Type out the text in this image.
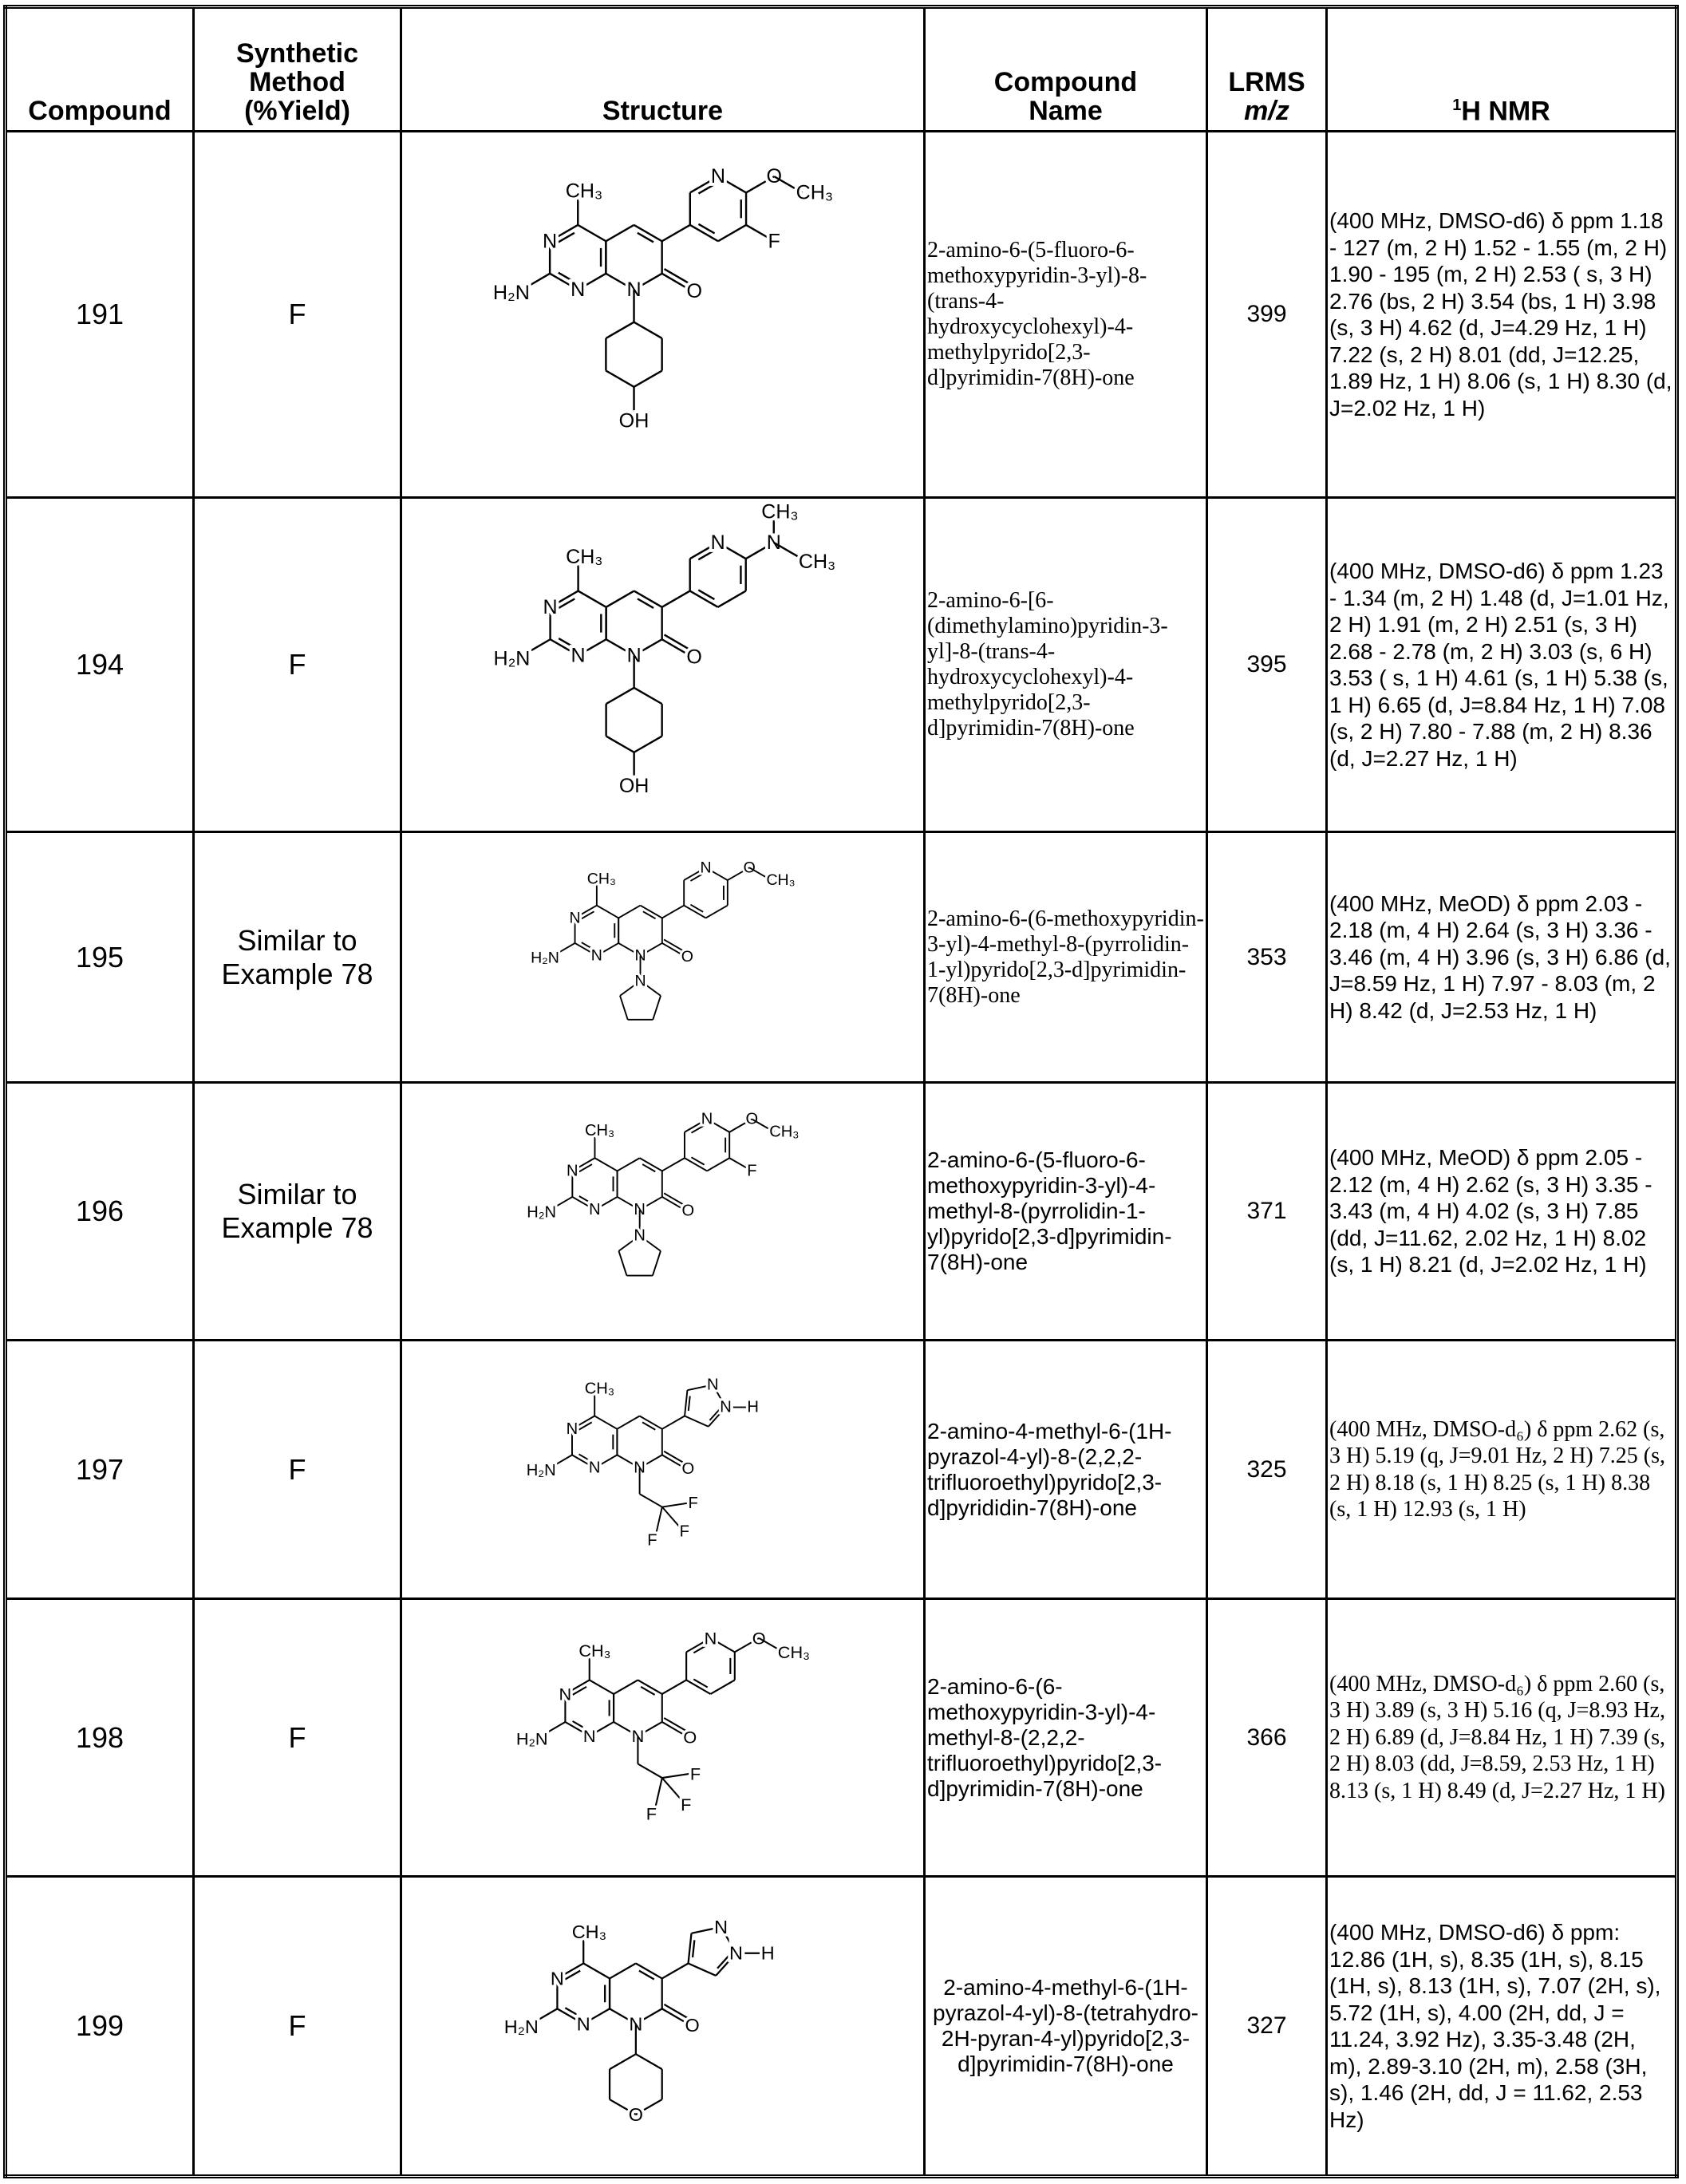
Compound	
Synthetic
Method
(%Yield)	Structure	
Compound
Name

LRMS
m/z	1H NMR
191	F	
CH₃
H₂N	O
N
N N
N O
CH₃
F
OH
	2-amino-6-(5-fluoro-6-methoxypyridin-3-yl)-8-(trans-4-hydroxycyclohexyl)-4-methylpyrido[2,3-d]pyrimidin-7(8H)-one	399	(400 MHz, DMSO-d6) δ ppm 1.18 - 127 (m, 2 H) 1.52 - 1.55 (m, 2 H) 1.90 - 195 (m, 2 H) 2.53 ( s, 3 H) 2.76 (bs, 2 H) 3.54 (bs, 1 H) 3.98 (s, 3 H) 4.62 (d, J=4.29 Hz, 1 H) 7.22 (s, 2 H) 8.01 (dd, J=12.25, 1.89 Hz, 1 H) 8.06 (s, 1 H) 8.30 (d, J=2.02 Hz, 1 H)
194	F	
CH₃
H₂N	O
N
N N
N N
CH₃
CH₃
OH
	2-amino-6-[6-(dimethylamino)pyridin-3-yl]-8-(trans-4-hydroxycyclohexyl)-4-methylpyrido[2,3-d]pyrimidin-7(8H)-one	395	(400 MHz, DMSO-d6) δ ppm 1.23 - 1.34 (m, 2 H) 1.48 (d, J=1.01 Hz, 2 H) 1.91 (m, 2 H) 2.51 (s, 3 H) 2.68 - 2.78 (m, 2 H) 3.03 (s, 6 H) 3.53 ( s, 1 H) 4.61 (s, 1 H) 5.38 (s, 1 H) 6.65 (d, J=8.84 Hz, 1 H) 7.08 (s, 2 H) 7.80 - 7.88 (m, 2 H) 8.36 (d, J=2.27 Hz, 1 H)
195	Similar to Example 78	
CH₃
H₂N	O
N
N N
N O
CH₃
N
	2-amino-6-(6-methoxypyridin-3-yl)-4-methyl-8-(pyrrolidin-1-yl)pyrido[2,3-d]pyrimidin-7(8H)-one	353	(400 MHz, MeOD) δ ppm 2.03 - 2.18 (m, 4 H) 2.64 (s, 3 H) 3.36 - 3.46 (m, 4 H) 3.96 (s, 3 H) 6.86 (d, J=8.59 Hz, 1 H) 7.97 - 8.03 (m, 2 H) 8.42 (d, J=2.53 Hz, 1 H)
196	Similar to Example 78	
CH₃
H₂N	O
N
N N
N O
CH₃
F
N
	2-amino-6-(5-fluoro-6-methoxypyridin-3-yl)-4-methyl-8-(pyrrolidin-1-yl)pyrido[2,3-d]pyrimidin-7(8H)-one	371	(400 MHz, MeOD) δ ppm 2.05 - 2.12 (m, 4 H) 2.62 (s, 3 H) 3.35 - 3.43 (m, 4 H) 4.02 (s, 3 H) 7.85 (dd, J=11.62, 2.02 Hz, 1 H) 8.02 (s, 1 H) 8.21 (d, J=2.02 Hz, 1 H)
197	F	
CH₃
H₂N	O
N
N N
N
N H
F
F
F
	2-amino-4-methyl-6-(1H-pyrazol-4-yl)-8-(2,2,2-trifluoroethyl)pyrido[2,3-d]pyrididin-7(8H)-one	325	(400 MHz, DMSO-d₆) δ ppm 2.62 (s, 3 H) 5.19 (q, J=9.01 Hz, 2 H) 7.25 (s, 2 H) 8.18 (s, 1 H) 8.25 (s, 1 H) 8.38 (s, 1 H) 12.93 (s, 1 H)
198	F	
CH₃
H₂N	O
N
N N
N O
CH₃
F
F
F
	2-amino-6-(6-methoxypyridin-3-yl)-4-methyl-8-(2,2,2-trifluoroethyl)pyrido[2,3-d]pyrimidin-7(8H)-one	366	(400 MHz, DMSO-d₆) δ ppm 2.60 (s, 3 H) 3.89 (s, 3 H) 5.16 (q, J=8.93 Hz, 2 H) 6.89 (d, J=8.84 Hz, 1 H) 7.39 (s, 2 H) 8.03 (dd, J=8.59, 2.53 Hz, 1 H) 8.13 (s, 1 H) 8.49 (d, J=2.27 Hz, 1 H)
199	F	
CH₃
H₂N	O
N
N N
N
N H
O
	2-amino-4-methyl-6-(1H-pyrazol-4-yl)-8-(tetrahydro-2H-pyran-4-yl)pyrido[2,3-d]pyrimidin-7(8H)-one	327	(400 MHz, DMSO-d6) δ ppm: 12.86 (1H, s), 8.35 (1H, s), 8.15 (1H, s), 8.13 (1H, s), 7.07 (2H, s), 5.72 (1H, s), 4.00 (2H, dd, J = 11.24, 3.92 Hz), 3.35-3.48 (2H, m), 2.89-3.10 (2H, m), 2.58 (3H, s), 1.46 (2H, dd, J = 11.62, 2.53 Hz)
